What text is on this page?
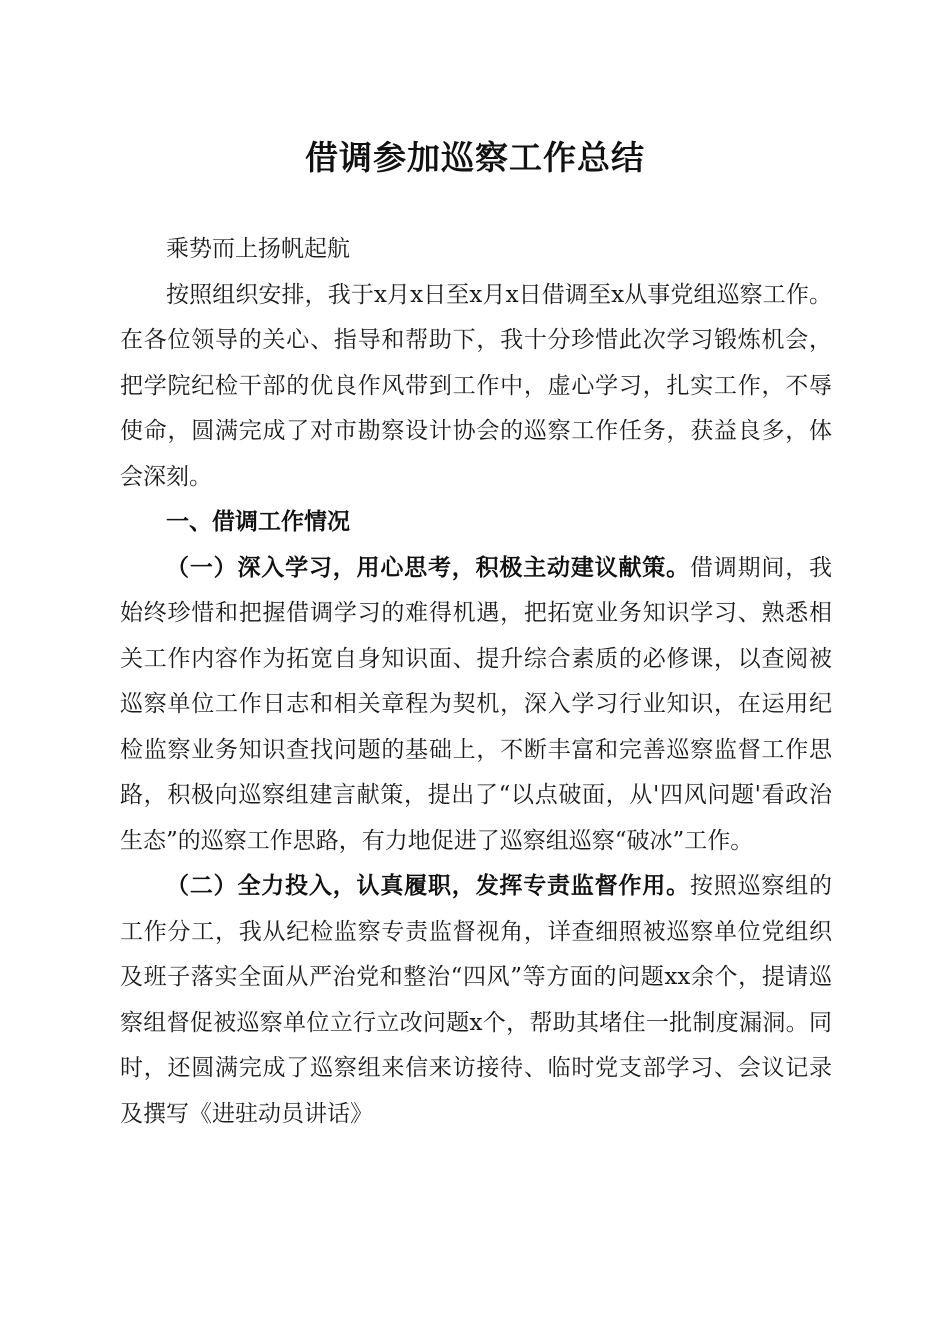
借调参加巡察工作总结

乘势而上扬帆起航

按照组织安排，我于x月x日至x月x日借调至x从事党组巡察工作。在各位领导的关心、指导和帮助下，我十分珍惜此次学习锻炼机会，把学院纪检干部的优良作风带到工作中，虚心学习，扎实工作，不辱使命，圆满完成了对市勘察设计协会的巡察工作任务，获益良多，体会深刻。

一、借调工作情况

（一）深入学习，用心思考，积极主动建议献策。借调期间，我始终珍惜和把握借调学习的难得机遇，把拓宽业务知识学习、熟悉相关工作内容作为拓宽自身知识面、提升综合素质的必修课，以查阅被巡察单位工作日志和相关章程为契机，深入学习行业知识，在运用纪检监察业务知识查找问题的基础上，不断丰富和完善巡察监督工作思路，积极向巡察组建言献策，提出了“以点破面，从'四风问题'看政治生态”的巡察工作思路，有力地促进了巡察组巡察“破冰”工作。

（二）全力投入，认真履职，发挥专责监督作用。按照巡察组的工作分工，我从纪检监察专责监督视角，详查细照被巡察单位党组织及班子落实全面从严治党和整治“四风”等方面的问题xx余个，提请巡察组督促被巡察单位立行立改问题x个，帮助其堵住一批制度漏洞。同时，还圆满完成了巡察组来信来访接待、临时党支部学习、会议记录及撰写《进驻动员讲话》
